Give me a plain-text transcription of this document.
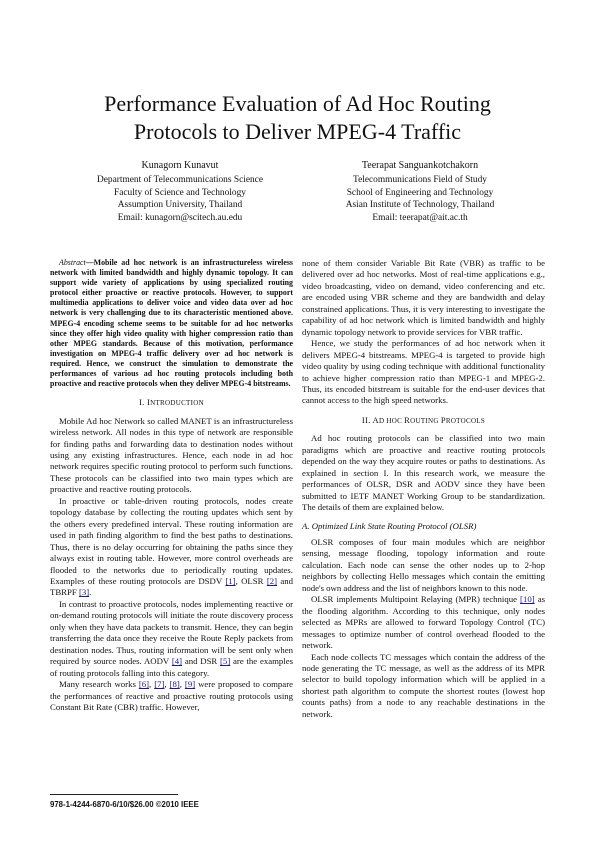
Performance Evaluation of Ad Hoc Routing
Protocols to Deliver MPEG-4 Traffic
Kunagorn Kunavut
Department of Telecommunications Science
Faculty of Science and Technology
Assumption University, Thailand
Email: kunagorn@scitech.au.edu
Teerapat Sanguankotchakorn
Telecommunications Field of Study
School of Engineering and Technology
Asian Institute of Technology, Thailand
Email: teerapat@ait.ac.th

Abstract—Mobile ad hoc network is an infrastructureless wireless network with limited bandwidth and highly dynamic topology. It can support wide variety of applications by using specialized routing protocol either proactive or reactive protocols. However, to support multimedia applications to deliver voice and video data over ad hoc network is very challenging due to its characteristic mentioned above. MPEG-4 encoding scheme seems to be suitable for ad hoc networks since they offer high video quality with higher compression ratio than other MPEG standards. Because of this motivation, performance investigation on MPEG-4 traffic delivery over ad hoc network is required. Hence, we construct the simulation to demonstrate the performances of various ad hoc routing protocols including both proactive and reactive protocols when they deliver MPEG-4 bitstreams.

I. INTRODUCTION

Mobile Ad hoc Network so called MANET is an infrastructureless wireless network. All nodes in this type of network are responsible for finding paths and forwarding data to destination nodes without using any existing infrastructures. Hence, each node in ad hoc network requires specific routing protocol to perform such functions. These protocols can be classified into two main types which are proactive and reactive routing protocols.

In proactive or table-driven routing protocols, nodes create topology database by collecting the routing updates which sent by the others every predefined interval. These routing information are used in path finding algorithm to find the best paths to destinations. Thus, there is no delay occurring for obtaining the paths since they always exist in routing table. However, more control overheads are flooded to the networks due to periodically routing updates. Examples of these routing protocols are DSDV [1], OLSR [2] and TBRPF [3].

In contrast to proactive protocols, nodes implementing reactive or on-demand routing protocols will initiate the route discovery process only when they have data packets to transmit. Hence, they can begin transferring the data once they receive the Route Reply packets from destination nodes. Thus, routing information will be sent only when required by source nodes. AODV [4] and DSR [5] are the examples of routing protocols falling into this category.

Many research works [6], [7], [8], [9] were proposed to compare the performances of reactive and proactive routing protocols using Constant Bit Rate (CBR) traffic. However,

none of them consider Variable Bit Rate (VBR) as traffic to be delivered over ad hoc networks. Most of real-time applications e.g., video broadcasting, video on demand, video conferencing and etc. are encoded using VBR scheme and they are bandwidth and delay constrained applications. Thus, it is very interesting to investigate the capability of ad hoc network which is limited bandwidth and highly dynamic topology network to provide services for VBR traffic.

Hence, we study the performances of ad hoc network when it delivers MPEG-4 bitstreams. MPEG-4 is targeted to provide high video quality by using coding technique with additional functionality to achieve higher compression ratio than MPEG-1 and MPEG-2. Thus, its encoded bitstream is suitable for the end-user devices that cannot access to the high speed networks.

II. AD HOC ROUTING PROTOCOLS

Ad hoc routing protocols can be classified into two main paradigms which are proactive and reactive routing protocols depended on the way they acquire routes or paths to destinations. As explained in section I. In this research work, we measure the performances of OLSR, DSR and AODV since they have been submitted to IETF MANET Working Group to be standardization. The details of them are explained below.

A. Optimized Link State Routing Protocol (OLSR)

OLSR composes of four main modules which are neighbor sensing, message flooding, topology information and route calculation. Each node can sense the other nodes up to 2-hop neighbors by collecting Hello messages which contain the emitting node's own address and the list of neighbors known to this node.

OLSR implements Multipoint Relaying (MPR) technique [10] as the flooding algorithm. According to this technique, only nodes selected as MPRs are allowed to forward Topology Control (TC) messages to optimize number of control overhead flooded to the network.

Each node collects TC messages which contain the address of the node generating the TC message, as well as the address of its MPR selector to build topology information which will be applied in a shortest path algorithm to compute the shortest routes (lowest hop counts paths) from a node to any reachable destinations in the network.

978-1-4244-6870-6/10/$26.00 ©2010 IEEE
